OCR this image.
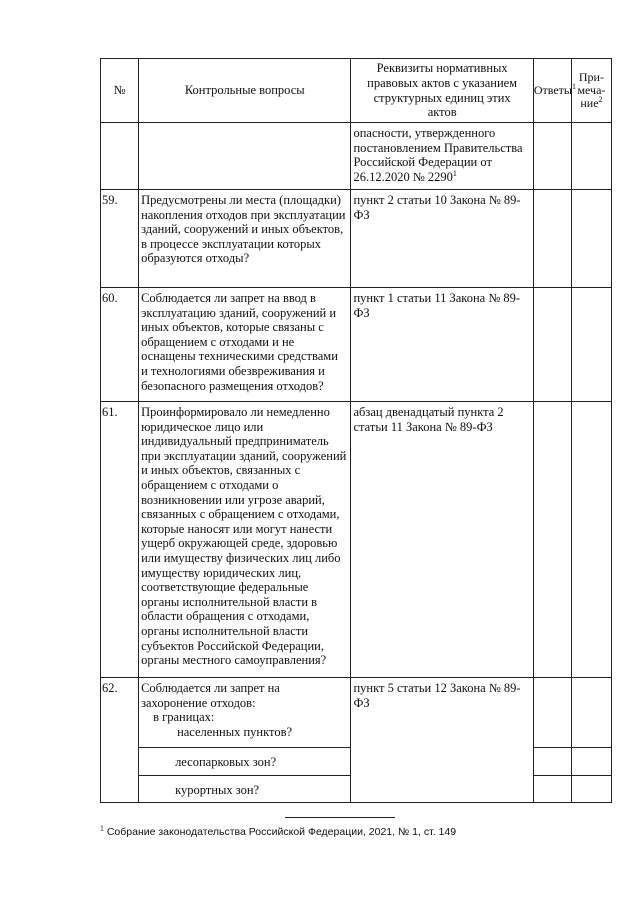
№	Контрольные вопросы	Реквизиты нормативных правовых актов с указанием структурных единиц этих актов	Ответы$^1$	При-меча-ние$^2$

		опасности, утвержденного постановлением Правительства Российской Федерации от 26.12.2020 № 2290$^1$

59.	Предусмотрены ли места (площадки) накопления отходов при эксплуатации зданий, сооружений и иных объектов, в процессе эксплуатации которых образуются отходы?	пункт 2 статьи 10 Закона № 89-ФЗ		

60.	Соблюдается ли запрет на ввод в эксплуатацию зданий, сооружений и иных объектов, которые связаны с обращением с отходами и не оснащены техническими средствами и технологиями обезвреживания и безопасного размещения отходов?	пункт 1 статьи 11 Закона № 89-ФЗ		

61.	Проинформировало ли немедленно юридическое лицо или индивидуальный предприниматель при эксплуатации зданий, сооружений и иных объектов, связанных с обращением с отходами о возникновении или угрозе аварий, связанных с обращением с отходами, которые наносят или могут нанести ущерб окружающей среде, здоровью или имуществу физических лиц либо имуществу юридических лиц, соответствующие федеральные органы исполнительной власти в области обращения с отходами, органы исполнительной власти субъектов Российской Федерации, органы местного самоуправления?	абзац двенадцатый пункта 2 статьи 11 Закона № 89-ФЗ		

62.	Соблюдается ли запрет на захоронение отходов:
в границах:
населенных пунктов?	пункт 5 статьи 12 Закона № 89-ФЗ		

	лесопарковых зон?			

	курортных зон?			

$^1$ Собрание законодательства Российской Федерации, 2021, № 1, ст. 149
